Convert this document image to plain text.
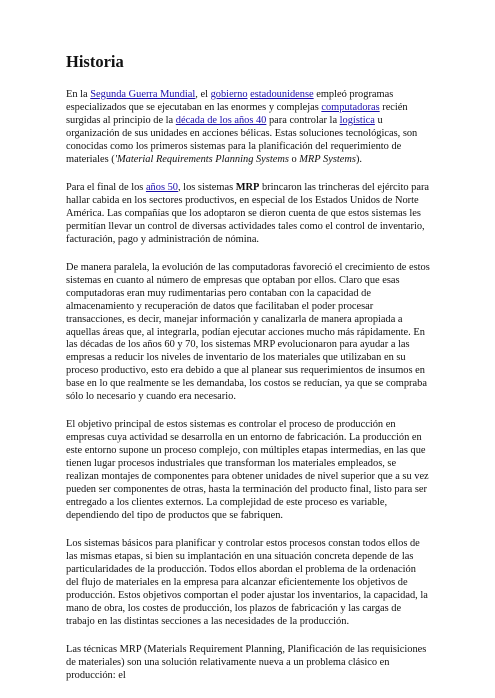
Historia

En la Segunda Guerra Mundial, el gobierno estadounidense empleó programas especializados que se ejecutaban en las enormes y complejas computadoras recién surgidas al principio de la década de los años 40 para controlar la logística u organización de sus unidades en acciones bélicas. Estas soluciones tecnológicas, son conocidas como los primeros sistemas para la planificación del requerimiento de materiales ('Material Requirements Planning Systems o MRP Systems).

Para el final de los años 50, los sistemas MRP brincaron las trincheras del ejército para hallar cabida en los sectores productivos, en especial de los Estados Unidos de Norte América. Las compañías que los adoptaron se dieron cuenta de que estos sistemas les permitían llevar un control de diversas actividades tales como el control de inventario, facturación, pago y administración de nómina.

De manera paralela, la evolución de las computadoras favoreció el crecimiento de estos sistemas en cuanto al número de empresas que optaban por ellos. Claro que esas computadoras eran muy rudimentarias pero contaban con la capacidad de almacenamiento y recuperación de datos que facilitaban el poder procesar transacciones, es decir, manejar información y canalizarla de manera apropiada a aquellas áreas que, al integrarla, podían ejecutar acciones mucho más rápidamente. En las décadas de los años 60 y 70, los sistemas MRP evolucionaron para ayudar a las empresas a reducir los niveles de inventario de los materiales que utilizaban en su proceso productivo, esto era debido a que al planear sus requerimientos de insumos en base en lo que realmente se les demandaba, los costos se reducían, ya que se compraba sólo lo necesario y cuando era necesario.

El objetivo principal de estos sistemas es controlar el proceso de producción en empresas cuya actividad se desarrolla en un entorno de fabricación. La producción en este entorno supone un proceso complejo, con múltiples etapas intermedias, en las que tienen lugar procesos industriales que transforman los materiales empleados, se realizan montajes de componentes para obtener unidades de nivel superior que a su vez pueden ser componentes de otras, hasta la terminación del producto final, listo para ser entregado a los clientes externos. La complejidad de este proceso es variable, dependiendo del tipo de productos que se fabriquen.

Los sistemas básicos para planificar y controlar estos procesos constan todos ellos de las mismas etapas, si bien su implantación en una situación concreta depende de las particularidades de la producción. Todos ellos abordan el problema de la ordenación del flujo de materiales en la empresa para alcanzar eficientemente los objetivos de producción. Estos objetivos comportan el poder ajustar los inventarios, la capacidad, la mano de obra, los costes de producción, los plazos de fabricación y las cargas de trabajo en las distintas secciones a las necesidades de la producción.

Las técnicas MRP (Materials Requirement Planning, Planificación de las requisiciones de materiales) son una solución relativamente nueva a un problema clásico en producción: el
